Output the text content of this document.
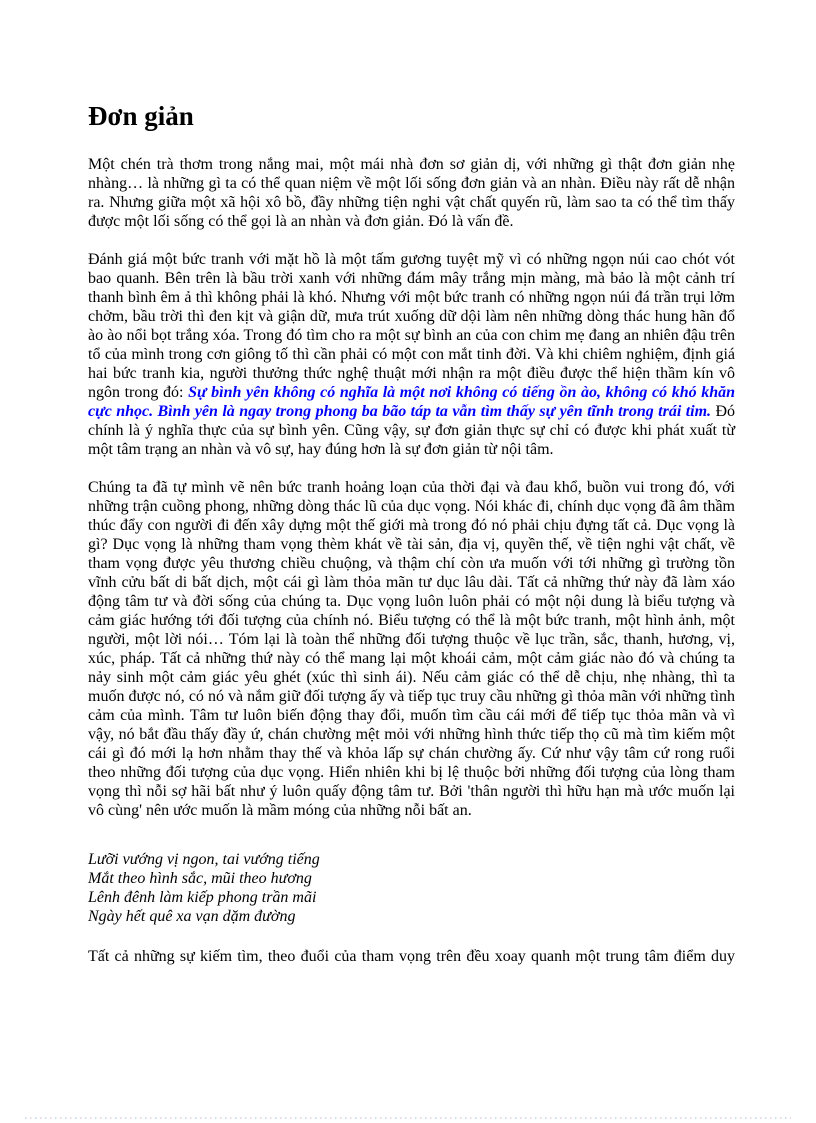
Đơn giản

Một chén trà thơm trong nắng mai, một mái nhà đơn sơ giản dị, với những gì thật đơn giản nhẹ nhàng… là những gì ta có thể quan niệm về một lối sống đơn giản và an nhàn. Điều này rất dễ nhận ra. Nhưng giữa một xã hội xô bồ, đầy những tiện nghi vật chất quyến rũ, làm sao ta có thể tìm thấy được một lối sống có thể gọi là an nhàn và đơn giản. Đó là vấn đề.

Đánh giá một bức tranh với mặt hồ là một tấm gương tuyệt mỹ vì có những ngọn núi cao chót vót bao quanh. Bên trên là bầu trời xanh với những đám mây trắng mịn màng, mà bảo là một cảnh trí thanh bình êm ả thì không phải là khó. Nhưng với một bức tranh có những ngọn núi đá trần trụi lởm chởm, bầu trời thì đen kịt và giận dữ, mưa trút xuống dữ dội làm nên những dòng thác hung hãn đổ ào ào nổi bọt trắng xóa. Trong đó tìm cho ra một sự bình an của con chim mẹ đang an nhiên đậu trên tổ của mình trong cơn giông tố thì cần phải có một con mắt tinh đời. Và khi chiêm nghiệm, định giá hai bức tranh kia, người thưởng thức nghệ thuật mới nhận ra một điều được thể hiện thầm kín vô ngôn trong đó: Sự bình yên không có nghĩa là một nơi không có tiếng ồn ào, không có khó khăn cực nhọc. Bình yên là ngay trong phong ba bão táp ta vẫn tìm thấy sự yên tĩnh trong trái tim. Đó chính là ý nghĩa thực của sự bình yên. Cũng vậy, sự đơn giản thực sự chỉ có được khi phát xuất từ một tâm trạng an nhàn và vô sự, hay đúng hơn là sự đơn giản từ nội tâm.

Chúng ta đã tự mình vẽ nên bức tranh hoảng loạn của thời đại và đau khổ, buồn vui trong đó, với những trận cuồng phong, những dòng thác lũ của dục vọng. Nói khác đi, chính dục vọng đã âm thầm thúc đẩy con người đi đến xây dựng một thế giới mà trong đó nó phải chịu đựng tất cả. Dục vọng là gì? Dục vọng là những tham vọng thèm khát về tài sản, địa vị, quyền thế, về tiện nghi vật chất, về tham vọng được yêu thương chiều chuộng, và thậm chí còn ưa muốn với tới những gì trường tồn vĩnh cửu bất di bất dịch, một cái gì làm thỏa mãn tư dục lâu dài. Tất cả những thứ này đã làm xáo động tâm tư và đời sống của chúng ta. Dục vọng luôn luôn phải có một nội dung là biểu tượng và cảm giác hướng tới đối tượng của chính nó. Biểu tượng có thể là một bức tranh, một hình ảnh, một người, một lời nói… Tóm lại là toàn thể những đối tượng thuộc về lục trần, sắc, thanh, hương, vị, xúc, pháp. Tất cả những thứ này có thể mang lại một khoái cảm, một cảm giác nào đó và chúng ta nảy sinh một cảm giác yêu ghét (xúc thì sinh ái). Nếu cảm giác có thể dễ chịu, nhẹ nhàng, thì ta muốn được nó, có nó và nắm giữ đối tượng ấy và tiếp tục truy cầu những gì thỏa mãn với những tình cảm của mình. Tâm tư luôn biến động thay đổi, muốn tìm cầu cái mới để tiếp tục thỏa mãn và vì vậy, nó bắt đầu thấy đầy ứ, chán chường mệt mỏi với những hình thức tiếp thọ cũ mà tìm kiếm một cái gì đó mới lạ hơn nhằm thay thế và khỏa lấp sự chán chường ấy. Cứ như vậy tâm cứ rong ruổi theo những đối tượng của dục vọng. Hiển nhiên khi bị lệ thuộc bởi những đối tượng của lòng tham vọng thì nỗi sợ hãi bất như ý luôn quấy động tâm tư. Bởi 'thân người thì hữu hạn mà ước muốn lại vô cùng' nên ước muốn là mầm móng của những nỗi bất an.

Lưỡi vướng vị ngon, tai vướng tiếng
Mắt theo hình sắc, mũi theo hương
Lênh đênh làm kiếp phong trần mãi
Ngày hết quê xa vạn dặm đường

Tất cả những sự kiếm tìm, theo đuổi của tham vọng trên đều xoay quanh một trung tâm điểm duy
